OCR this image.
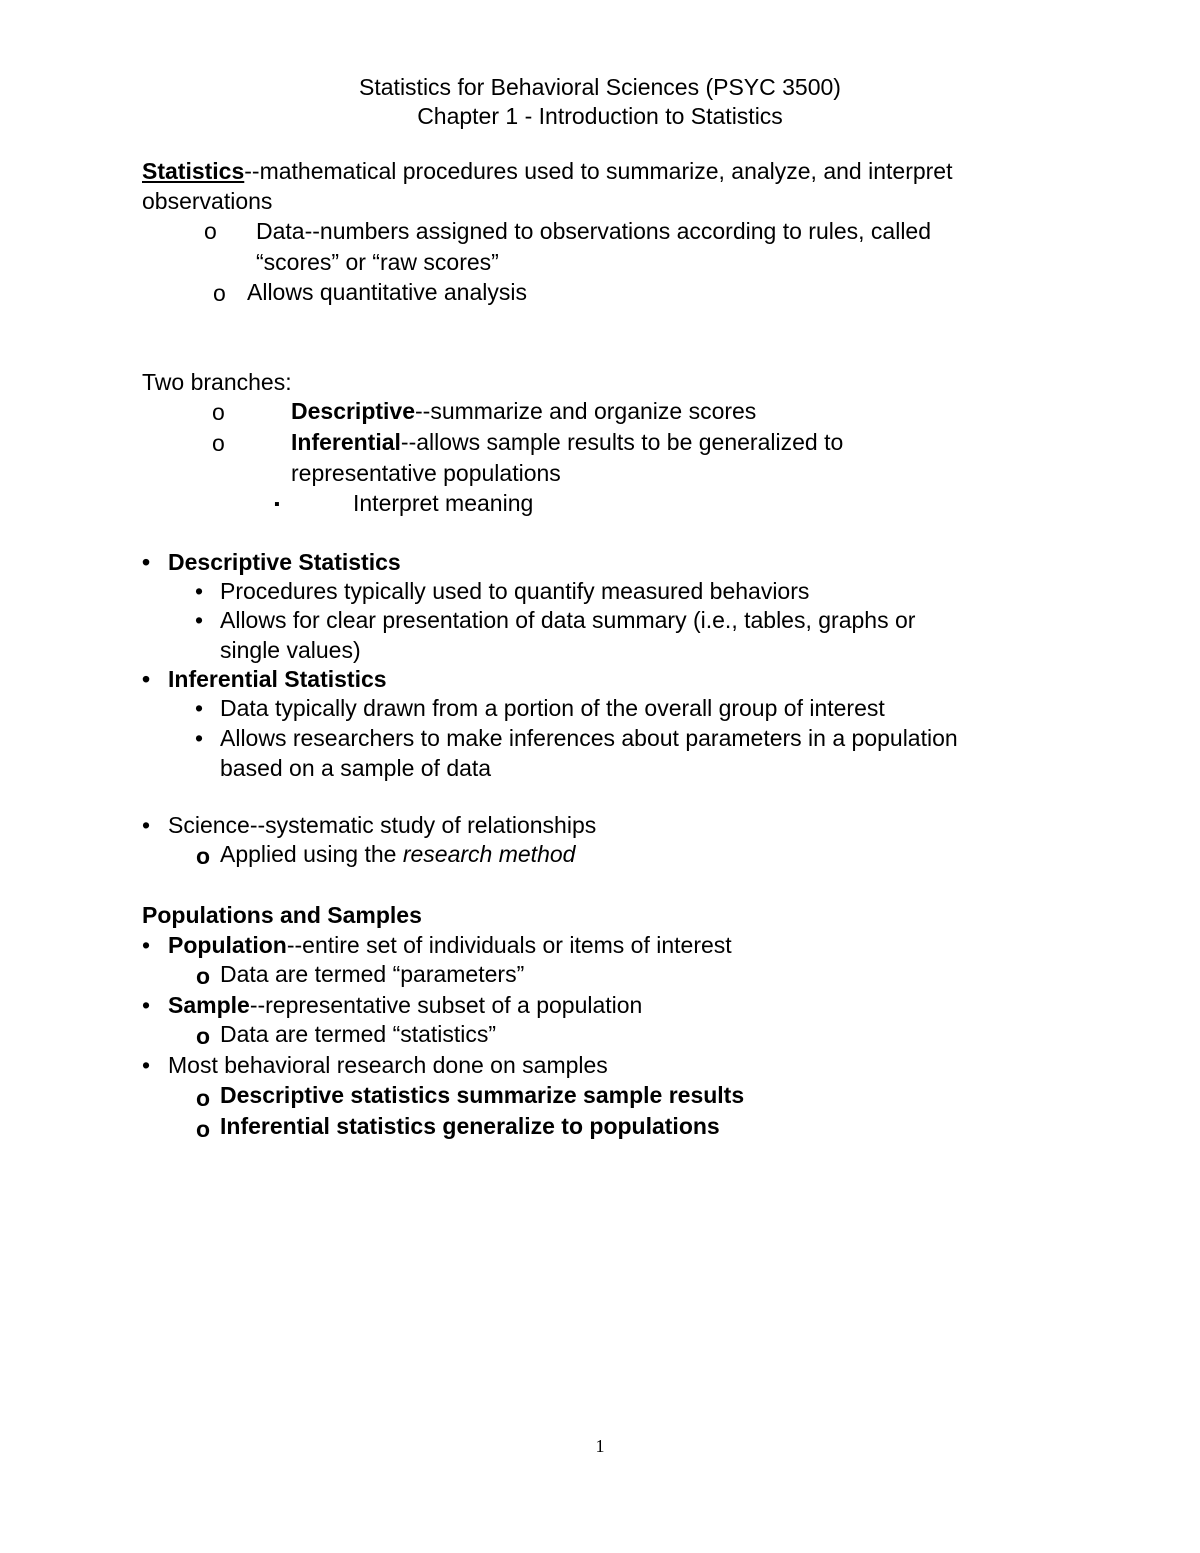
Statistics for Behavioral Sciences (PSYC 3500)
Chapter 1 - Introduction to Statistics
Statistics--mathematical procedures used to summarize, analyze, and interpret
observations
o Data--numbers assigned to observations according to rules, called
“scores” or “raw scores”
o Allows quantitative analysis
Two branches:
o	Descriptive--summarize and organize scores
o	Inferential--allows sample results to be generalized to
representative populations
▪	Interpret meaning
• Descriptive Statistics
• Procedures typically used to quantify measured behaviors
• Allows for clear presentation of data summary (i.e., tables, graphs or
single values)
• Inferential Statistics
• Data typically drawn from a portion of the overall group of interest
• Allows researchers to make inferences about parameters in a population
based on a sample of data
• Science--systematic study of relationships
o Applied using the research method
Populations and Samples
• Population--entire set of individuals or items of interest
o Data are termed “parameters”
• Sample--representative subset of a population
o Data are termed “statistics”
• Most behavioral research done on samples
o Descriptive statistics summarize sample results
o Inferential statistics generalize to populations
1
